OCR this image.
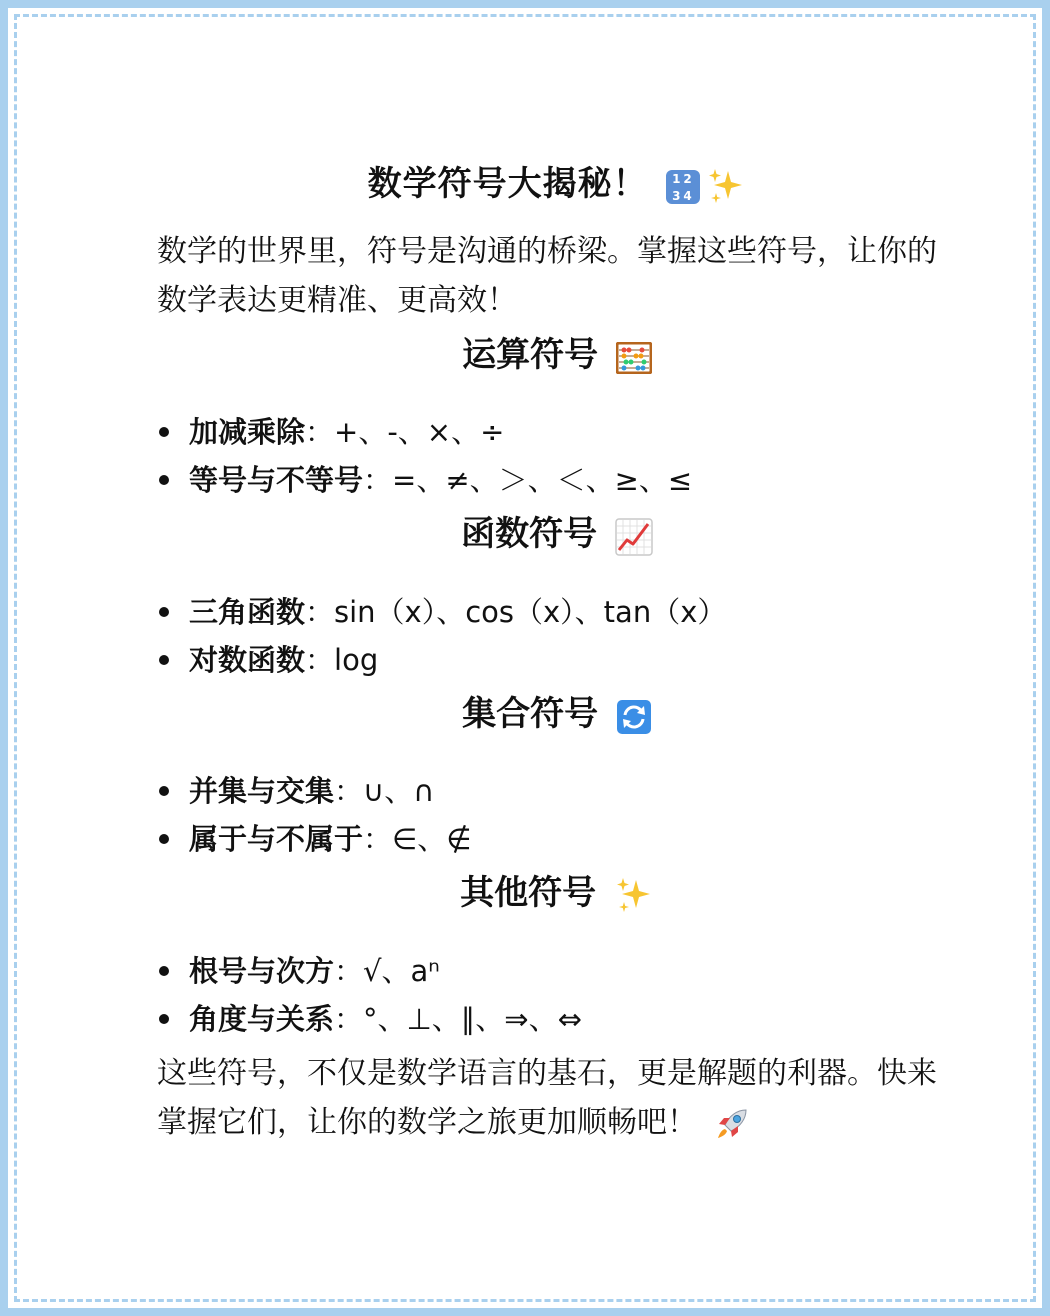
数学符号大揭秘！	12
34

数学的世界里，符号是沟通的桥梁。掌握这些符号，让你的数学表达更精准、更高效！

运算符号
加减乘除：+、-、×、÷
等号与不等号：=、≠、＞、＜、≥、≤
函数符号
三角函数：sin（x）、cos（x）、tan（x）
对数函数：log
集合符号
并集与交集：∪、∩
属于与不属于：∈、∉
其他符号
根号与次方：√、aⁿ
角度与关系：°、⊥、∥、⇒、⇔

这些符号，不仅是数学语言的基石，更是解题的利器。快来掌握它们，让你的数学之旅更加顺畅吧！
